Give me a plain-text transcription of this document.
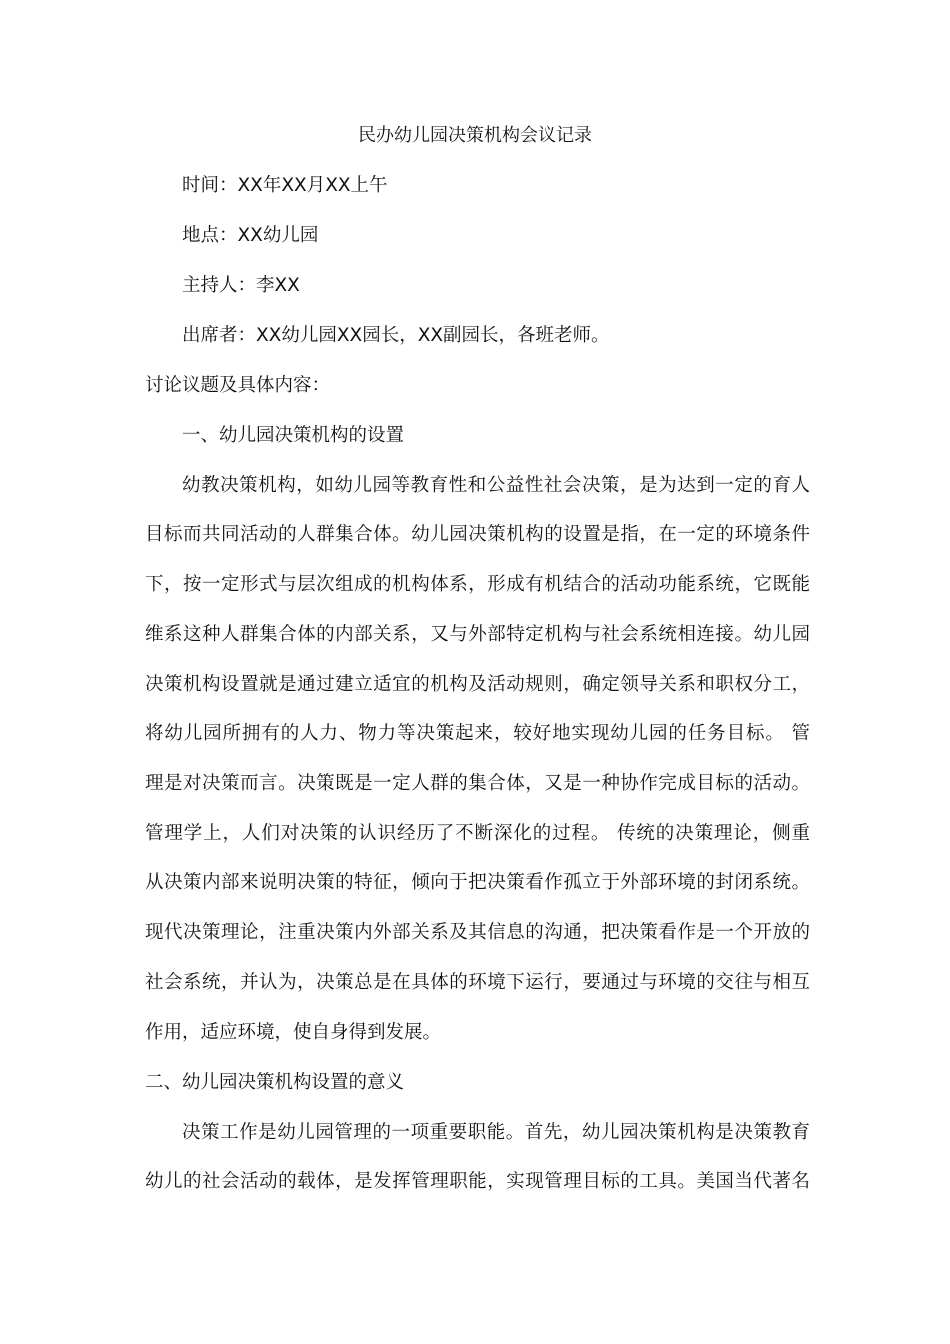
民办幼儿园决策机构会议记录
时间：XX年XX月XX上午
地点：XX幼儿园
主持人：李XX
出席者：XX幼儿园XX园长，XX副园长，各班老师。
讨论议题及具体内容：
一、幼儿园决策机构的设置
幼教决策机构，如幼儿园等教育性和公益性社会决策，是为达到一定的育人
目标而共同活动的人群集合体。幼儿园决策机构的设置是指，在一定的环境条件
下，按一定形式与层次组成的机构体系，形成有机结合的活动功能系统，它既能
维系这种人群集合体的内部关系，又与外部特定机构与社会系统相连接。幼儿园
决策机构设置就是通过建立适宜的机构及活动规则，确定领导关系和职权分工，
将幼儿园所拥有的人力、物力等决策起来，较好地实现幼儿园的任务目标。 管
理是对决策而言。决策既是一定人群的集合体，又是一种协作完成目标的活动。
管理学上，人们对决策的认识经历了不断深化的过程。 传统的决策理论，侧重
从决策内部来说明决策的特征，倾向于把决策看作孤立于外部环境的封闭系统。
现代决策理论，注重决策内外部关系及其信息的沟通，把决策看作是一个开放的
社会系统，并认为，决策总是在具体的环境下运行，要通过与环境的交往与相互
作用，适应环境，使自身得到发展。
二、幼儿园决策机构设置的意义
决策工作是幼儿园管理的一项重要职能。首先，幼儿园决策机构是决策教育
幼儿的社会活动的载体，是发挥管理职能，实现管理目标的工具。美国当代著名
